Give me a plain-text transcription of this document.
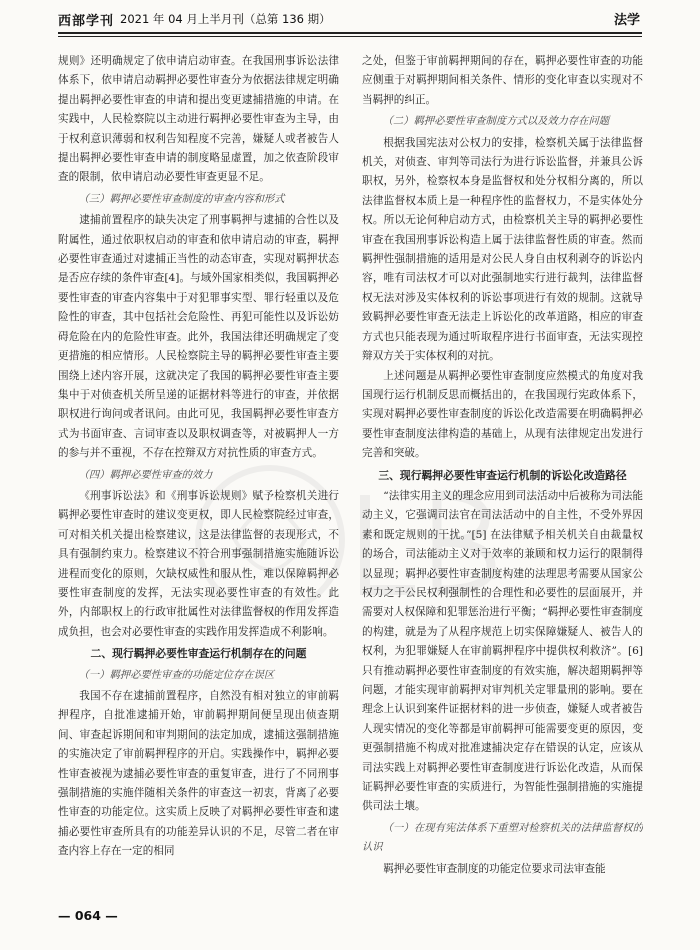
西部学刊 2021 年 04 月上半月刊（总第 136 期）	法学

规则》还明确规定了依申请启动审查。在我国刑事诉讼法律体系下，依申请启动羁押必要性审查分为依据法律规定明确提出羁押必要性审查的申请和提出变更逮捕措施的申请。在实践中，人民检察院以主动进行羁押必要性审查为主导，由于权利意识薄弱和权利告知程度不完善，嫌疑人或者被告人提出羁押必要性审查申请的制度略显虚置，加之依查阶段审查的限制，依申请启动必要性审查更显不足。

（三）羁押必要性审查制度的审查内容和形式

逮捕前置程序的缺失决定了刑事羁押与逮捕的合性以及附属性，通过依职权启动的审查和依申请启动的审查，羁押必要性审查通过对逮捕正当性的动态审查，实现对羁押状态是否应存续的条件审查[4]。与域外国家相类似，我国羁押必要性审查的审查内容集中于对犯罪事实型、罪行轻重以及危险性的审查，其中包括社会危险性、再犯可能性以及诉讼妨碍危险在内的危险性审查。此外，我国法律还明确规定了变更措施的相应情形。人民检察院主导的羁押必要性审查主要围绕上述内容开展，这就决定了我国的羁押必要性审查主要集中于对侦查机关所呈递的证据材料等进行的审查，并依据职权进行询问或者讯问。由此可见，我国羁押必要性审查方式为书面审查、言词审查以及职权调查等，对被羁押人一方的参与并不重视，不存在控辩双方对抗性质的审查方式。

（四）羁押必要性审查的效力

《刑事诉讼法》和《刑事诉讼规则》赋予检察机关进行羁押必要性审查时的建议变更权，即人民检察院经过审查，可对相关机关提出检察建议，这是法律监督的表现形式，不具有强制约束力。检察建议不符合刑事强制措施实施随诉讼进程而变化的原则，欠缺权威性和服从性，难以保障羁押必要性审查制度的发挥，无法实现必要性审查的有效性。此外，内部职权上的行政审批属性对法律监督权的作用发挥造成负担，也会对必要性审查的实践作用发挥造成不利影响。

二、现行羁押必要性审查运行机制存在的问题
（一）羁押必要性审查的功能定位存在误区

我国不存在逮捕前置程序，自然没有相对独立的审前羁押程序，自批准逮捕开始，审前羁押期间便呈现出侦查期间、审查起诉期间和审判期间的法定加成，逮捕这强制措施的实施决定了审前羁押程序的开启。实践操作中，羁押必要性审查被视为逮捕必要性审查的重复审查，进行了不同刑事强制措施的实施伴随相关条件的审查这一初衷，背离了必要性审查的功能定位。这实质上反映了对羁押必要性审查和逮捕必要性审查所具有的功能差异认识的不足，尽管二者在审查内容上存在一定的相同

之处，但鉴于审前羁押期间的存在，羁押必要性审查的功能应侧重于对羁押期间相关条件、情形的变化审查以实现对不当羁押的纠正。

（二）羁押必要性审查制度方式以及效力存在问题

根据我国宪法对公权力的安排，检察机关属于法律监督机关，对侦查、审判等司法行为进行诉讼监督，并兼具公诉职权，另外，检察权本身是监督权和处分权相分离的，所以法律监督权本质上是一种程序性的监督权力，不是实体处分权。所以无论何种启动方式，由检察机关主导的羁押必要性审查在我国刑事诉讼构造上属于法律监督性质的审查。然而羁押性强制措施的适用是对公民人身自由权利剥夺的诉讼内容，唯有司法权才可以对此强制地实行进行裁判，法律监督权无法对涉及实体权利的诉讼事项进行有效的规制。这就导致羁押必要性审查无法走上诉讼化的改革道路，相应的审查方式也只能表现为通过听取程序进行书面审查，无法实现控辩双方关于实体权利的对抗。

上述问题是从羁押必要性审查制度应然模式的角度对我国现行运行机制反思而概括出的，在我国现行宪政体系下，实现对羁押必要性审查制度的诉讼化改造需要在明确羁押必要性审查制度法律构造的基础上，从现有法律规定出发进行完善和突破。

三、现行羁押必要性审查运行机制的诉讼化改造路径

“法律实用主义的理念应用到司法活动中后被称为司法能动主义，它强调司法官在司法活动中的自主性，不受外界因素和既定规则的干扰。”[5] 在法律赋予相关机关自由裁量权的场合，司法能动主义对于效率的兼顾和权力运行的限制得以显现；羁押必要性审查制度构建的法理思考需要从国家公权力之于公民权利强制性的合理性和必要性的层面展开，并需要对人权保障和犯罪惩治进行平衡；“羁押必要性审查制度的构建，就是为了从程序规范上切实保障嫌疑人、被告人的权利，为犯罪嫌疑人在审前羁押程序中提供权利救济”。[6] 只有推动羁押必要性审查制度的有效实施，解决超期羁押等问题，才能实现审前羁押对审判机关定罪量刑的影响。要在理念上认识到案件证据材料的进一步侦查，嫌疑人或者被告人现实情况的变化等都是审前羁押可能需要变更的原因，变更强制措施不构成对批准逮捕决定存在错误的认定，应该从司法实践上对羁押必要性审查制度进行诉讼化改造，从而保证羁押必要性审查的实质进行，为智能性强制措施的实施提供司法土壤。

（一）在现有宪法体系下重塑对检察机关的法律监督权的认识

羁押必要性审查制度的功能定位要求司法审查能

— 064 —
